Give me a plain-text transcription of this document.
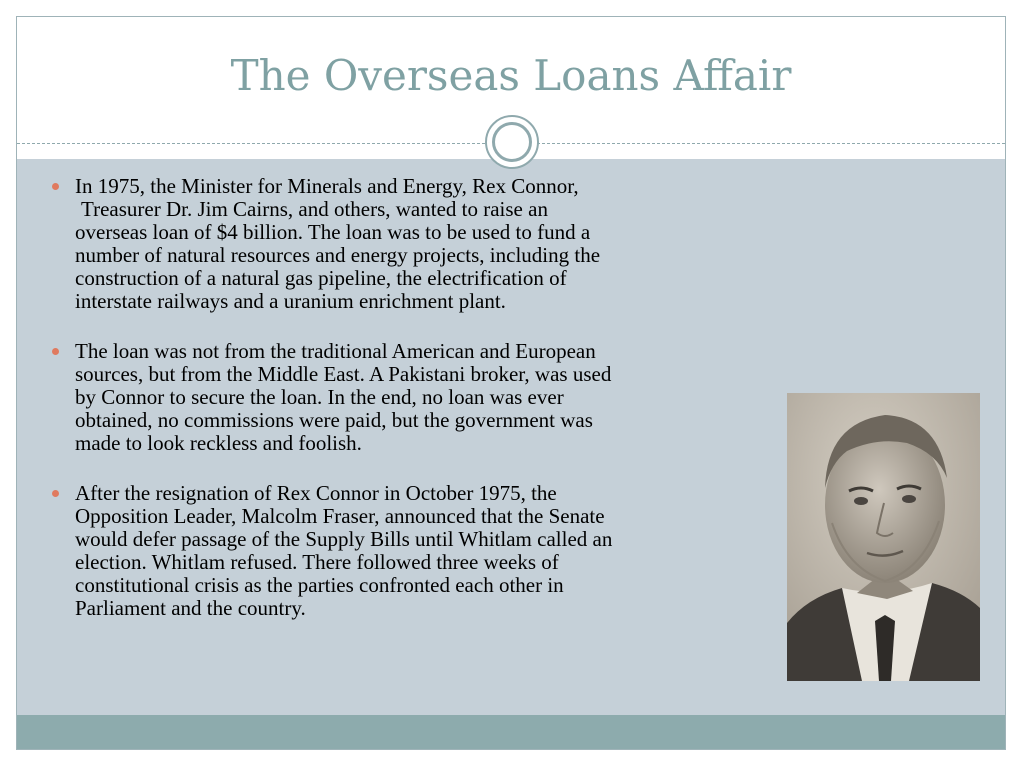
The Overseas Loans Affair
In 1975, the Minister for Minerals and Energy, Rex Connor,
Treasurer Dr. Jim Cairns, and others, wanted to raise an
overseas loan of $4 billion. The loan was to be used to fund a
number of natural resources and energy projects, including the
construction of a natural gas pipeline, the electrification of
interstate railways and a uranium enrichment plant.
The loan was not from the traditional American and European
sources, but from the Middle East. A Pakistani broker, was used
by Connor to secure the loan. In the end, no loan was ever
obtained, no commissions were paid, but the government was
made to look reckless and foolish.
After the resignation of Rex Connor in October 1975, the
Opposition Leader, Malcolm Fraser, announced that the Senate
would defer passage of the Supply Bills until Whitlam called an
election. Whitlam refused. There followed three weeks of
constitutional crisis as the parties confronted each other in
Parliament and the country.
